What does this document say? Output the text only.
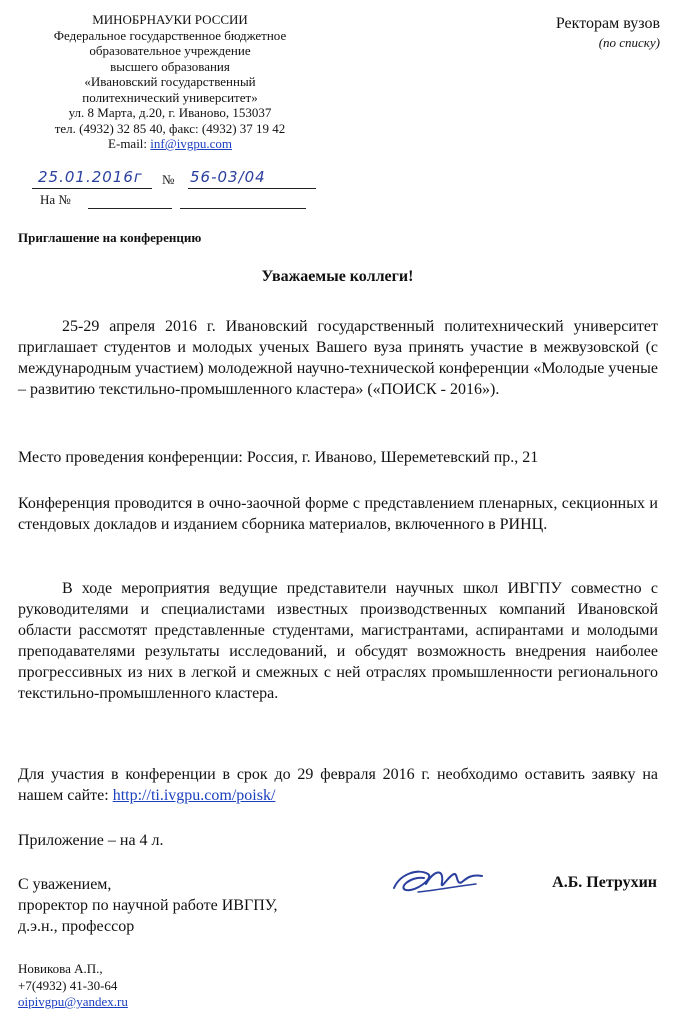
МИНОБРНАУКИ РОССИИ
Федеральное государственное бюджетное
образовательное учреждение
высшего образования
«Ивановский государственный
политехнический университет»
ул. 8 Марта, д.20, г. Иваново, 153037
тел. (4932) 32 85 40, факс: (4932) 37 19 42
E-mail: inf@ivgpu.com
25.01.2016г № 56-03/04
На №
Ректорам вузов
(по списку)
Приглашение на конференцию
Уважаемые коллеги!
25-29 апреля 2016 г. Ивановский государственный политехнический университет приглашает студентов и молодых ученых Вашего вуза принять участие в межвузовской (с международным участием) молодежной научно-технической конференции «Молодые ученые – развитию текстильно-промышленного кластера» («ПОИСК - 2016»).
Место проведения конференции: Россия, г. Иваново, Шереметевский пр., 21
Конференция проводится в очно-заочной форме с представлением пленарных, секционных и стендовых докладов и изданием сборника материалов, включенного в РИНЦ.
В ходе мероприятия ведущие представители научных школ ИВГПУ совместно с руководителями и специалистами известных производственных компаний Ивановской области рассмотят представленные студентами, магистрантами, аспирантами и молодыми преподавателями результаты исследований, и обсудят возможность внедрения наиболее прогрессивных из них в легкой и смежных с ней отраслях промышленности регионального текстильно-промышленного кластера.
Для участия в конференции в срок до 29 февраля 2016 г. необходимо оставить заявку на нашем сайте: http://ti.ivgpu.com/poisk/
Приложение – на 4 л.
С уважением,
проректор по научной работе ИВГПУ,
д.э.н., профессор
А.Б. Петрухин
Новикова А.П.,
+7(4932) 41-30-64
oipivgpu@yandex.ru
